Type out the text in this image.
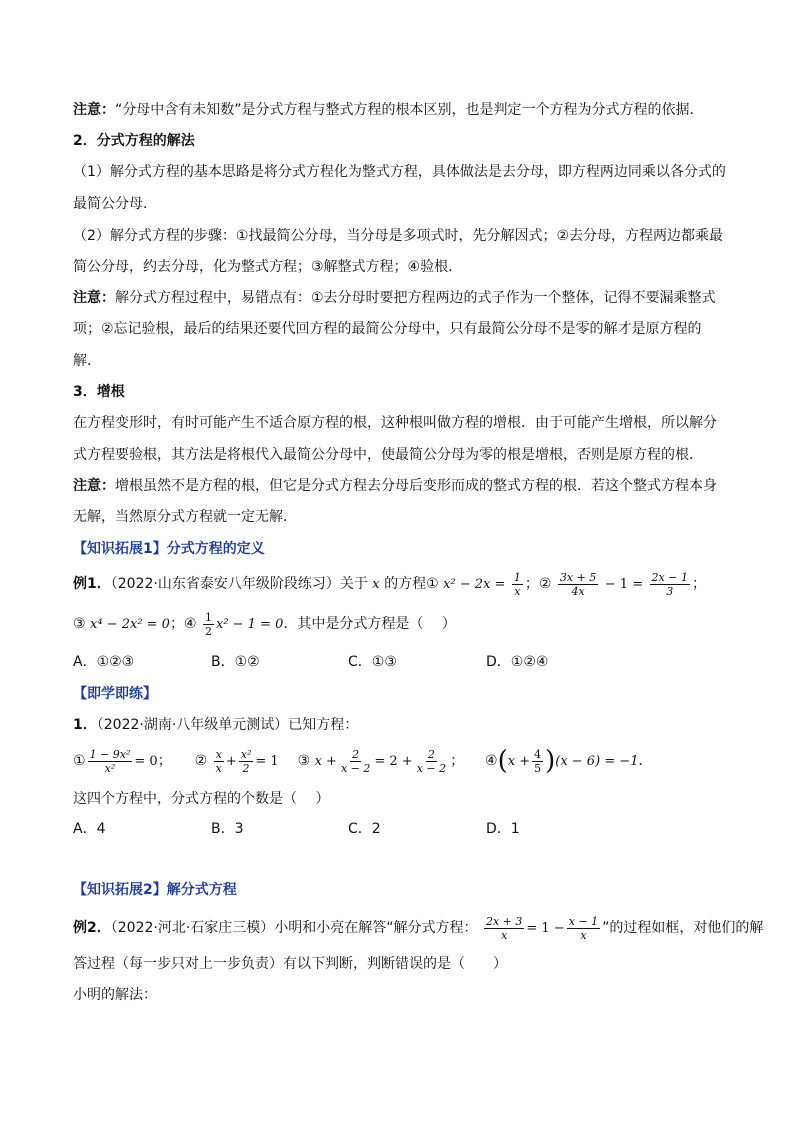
注意：“分母中含有未知数”是分式方程与整式方程的根本区别，也是判定一个方程为分式方程的依据．
2．分式方程的解法
（1）解分式方程的基本思路是将分式方程化为整式方程，具体做法是去分母，即方程两边同乘以各分式的
最简公分母．
（2）解分式方程的步骤：①找最简公分母，当分母是多项式时，先分解因式；②去分母，方程两边都乘最
简公分母，约去分母，化为整式方程；③解整式方程；④验根．
注意：解分式方程过程中，易错点有：①去分母时要把方程两边的式子作为一个整体，记得不要漏乘整式
项；②忘记验根，最后的结果还要代回方程的最简公分母中，只有最简公分母不是零的解才是原方程的
解．
3．增根
在方程变形时，有时可能产生不适合原方程的根，这种根叫做方程的增根．由于可能产生增根，所以解分
式方程要验根，其方法是将根代入最简公分母中，使最简公分母为零的根是增根，否则是原方程的根．
注意：增根虽然不是方程的根，但它是分式方程去分母后变形而成的整式方程的根．若这个整式方程本身
无解，当然原分式方程就一定无解．
【知识拓展1】分式方程的定义
例1．（2022·山东省泰安八年级阶段练习）关于 x 的方程① $x^2 - 2x = \frac{1}{x}$ ；② $\frac{3x + 5}{4x} - 1 = \frac{2x - 1}{3}$ ；
③ x⁴ − 2x² = 0；④ $\frac{1}{2} x^2 - 1 = 0$．其中是分式方程是（　 ）
A．①②③	B．①②	C．①③	D．①②④
【即学即练】
1．（2022·湖南·八年级单元测试）已知方程：
① $\frac{\text{1 − 9x²}}{\text{x²}} = 0$； ② $\frac{x}{x} + \frac{\text{x²}}{2} = 1$ ③ $x + \frac{2}{x - 2} = 2 + \frac{2}{x - 2}$ ； ④(x + $\frac{4}{5} )(x - 6) = -1$．
这四个方程中，分式方程的个数是（　 ）
A．4	B．3	C．2	D．1
【知识拓展2】解分式方程
例2．（2022·河北·石家庄三模）小明和小亮在解答“解分式方程： $\frac{2x + 3}{x} = 1 - \frac{x - 1}{x}$ ”的过程如框，对他们的解
答过程（每一步只对上一步负责）有以下判断，判断错误的是（　　）
小明的解法：
